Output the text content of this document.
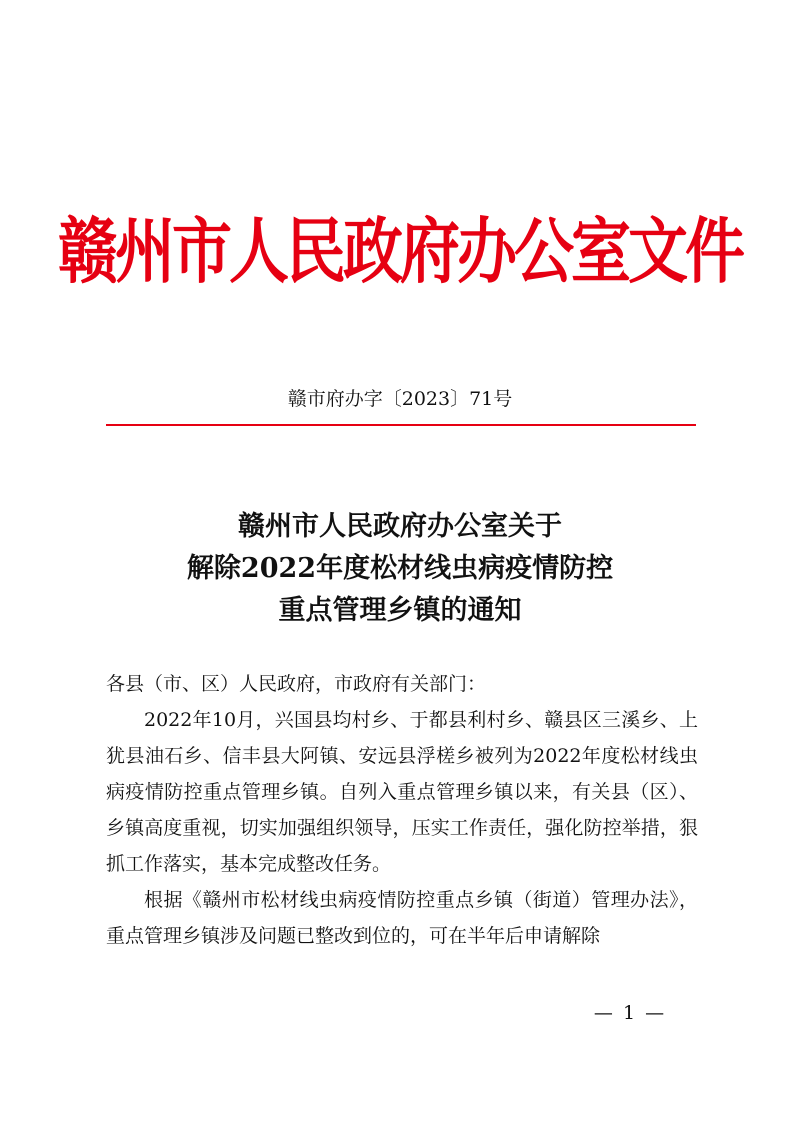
赣州市人民政府办公室文件
赣市府办字〔2023〕71号
赣州市人民政府办公室关于
解除2022年度松材线虫病疫情防控
重点管理乡镇的通知

各县（市、区）人民政府，市政府有关部门：

2022年10月，兴国县均村乡、于都县利村乡、赣县区三溪乡、上犹县油石乡、信丰县大阿镇、安远县浮槎乡被列为2022年度松材线虫病疫情防控重点管理乡镇。自列入重点管理乡镇以来，有关县（区）、乡镇高度重视，切实加强组织领导，压实工作责任，强化防控举措，狠抓工作落实，基本完成整改任务。

根据《赣州市松材线虫病疫情防控重点乡镇（街道）管理办法》，重点管理乡镇涉及问题已整改到位的，可在半年后申请解除

— 1 —
